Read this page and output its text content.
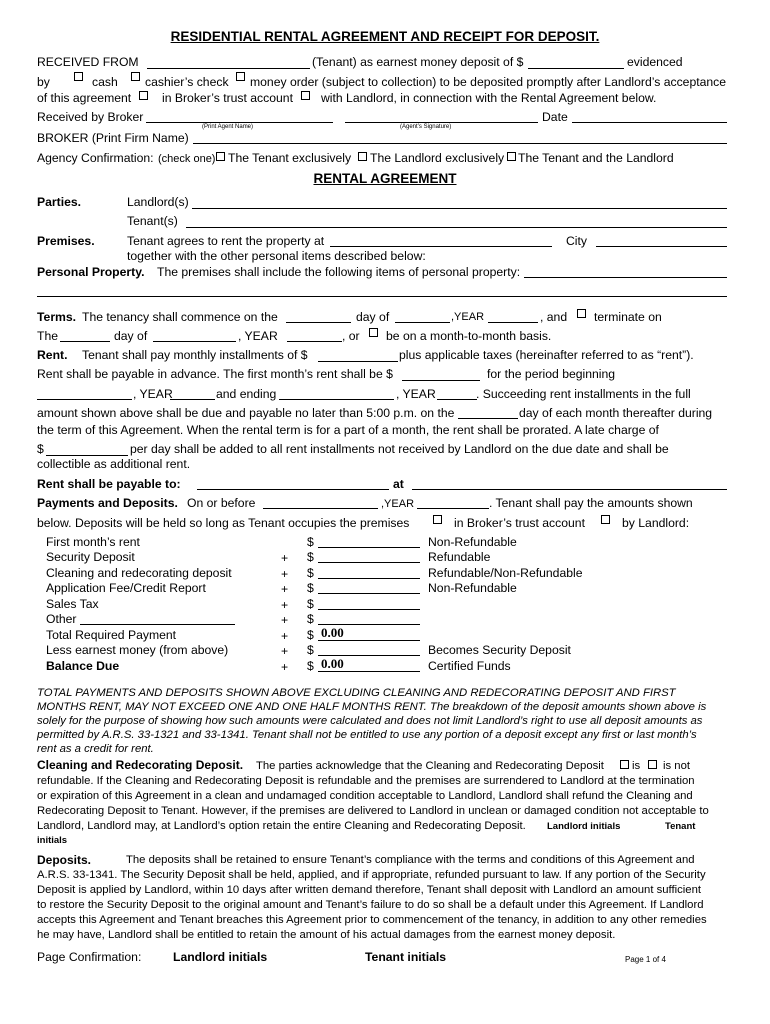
RESIDENTIAL RENTAL AGREEMENT AND RECEIPT FOR DEPOSIT.
RECEIVED FROM	(Tenant) as earnest money deposit of $	evidenced
by	cash cashier’s check money order (subject to collection) to be deposited promptly after Landlord’s acceptance
of this agreement	in Broker’s trust account with Landlord, in connection with the Rental Agreement below.
Received by Broker
(Print Agent Name)	(Agent’s Signature)
Date
BROKER (Print Firm Name)
Agency Confirmation: (check one) The Tenant exclusively The Landlord exclusively The Tenant and the Landlord
RENTAL AGREEMENT
Parties.	Landlord(s)
Tenant(s)
Premises.	Tenant agrees to rent the property at	City
together with the other personal items described below:
Personal Property. The premises shall include the following items of personal property:
Terms. The tenancy shall commence on the	day of	,YEAR	, and terminate on
The	day of	, YEAR	, or be on a month-to-month basis.
Rent. Tenant shall pay monthly installments of $	plus applicable taxes (hereinafter referred to as “rent”).
Rent shall be payable in advance. The first month’s rent shall be $	for the period beginning
, YEAR	and ending	, YEAR	. Succeeding rent installments in the full
amount shown above shall be due and payable no later than 5:00 p.m. on the	day of each month thereafter during
the term of this Agreement. When the rental term is for a part of a month, the rent shall be prorated. A late charge of
$	per day shall be added to all rent installments not received by Landlord on the due date and shall be
collectible as additional rent.
Rent shall be payable to:	at
Payments and Deposits. On or before	,YEAR	. Tenant shall pay the amounts shown
below. Deposits will be held so long as Tenant occupies the premises	in Broker’s trust account	by Landlord:
First month’s rent	$	Non-Refundable
Security Deposit	+ $	Refundable
Cleaning and redecorating deposit	+ $	Refundable/Non-Refundable
Application Fee/Credit Report	+ $	Non-Refundable
Sales Tax	+ $
Other	+ $
Total Required Payment	+ $ 0.00
Less earnest money (from above)	+ $	Becomes Security Deposit
Balance Due	+ $ 0.00	Certified Funds
TOTAL PAYMENTS AND DEPOSITS SHOWN ABOVE EXCLUDING CLEANING AND REDECORATING DEPOSIT AND FIRST
MONTHS RENT, MAY NOT EXCEED ONE AND ONE HALF MONTHS RENT. The breakdown of the deposit amounts shown above is
solely for the purpose of showing how such amounts were calculated and does not limit Landlord’s right to use all deposit amounts as
permitted by A.R.S. 33-1321 and 33-1341. Tenant shall not be entitled to use any portion of a deposit except any first or last month’s
rent as a credit for rent.
Cleaning and Redecorating Deposit. The parties acknowledge that the Cleaning and Redecorating Deposit is is not
refundable. If the Cleaning and Redecorating Deposit is refundable and the premises are surrendered to Landlord at the termination
or expiration of this Agreement in a clean and undamaged condition acceptable to Landlord, Landlord shall refund the Cleaning and
Redecorating Deposit to Tenant. However, if the premises are delivered to Landlord in unclean or damaged condition not acceptable to
Landlord, Landlord may, at Landlord’s option retain the entire Cleaning and Redecorating Deposit. Landlord initials	Tenant
initials
Deposits.	The deposits shall be retained to ensure Tenant’s compliance with the terms and conditions of this Agreement and
A.R.S. 33-1341. The Security Deposit shall be held, applied, and if appropriate, refunded pursuant to law. If any portion of the Security
Deposit is applied by Landlord, within 10 days after written demand therefore, Tenant shall deposit with Landlord an amount sufficient
to restore the Security Deposit to the original amount and Tenant’s failure to do so shall be a default under this Agreement. If Landlord
accepts this Agreement and Tenant breaches this Agreement prior to commencement of the tenancy, in addition to any other remedies
he may have, Landlord shall be entitled to retain the amount of his actual damages from the earnest money deposit.
Page Confirmation:	Landlord initials	Tenant initials	Page 1 of 4
